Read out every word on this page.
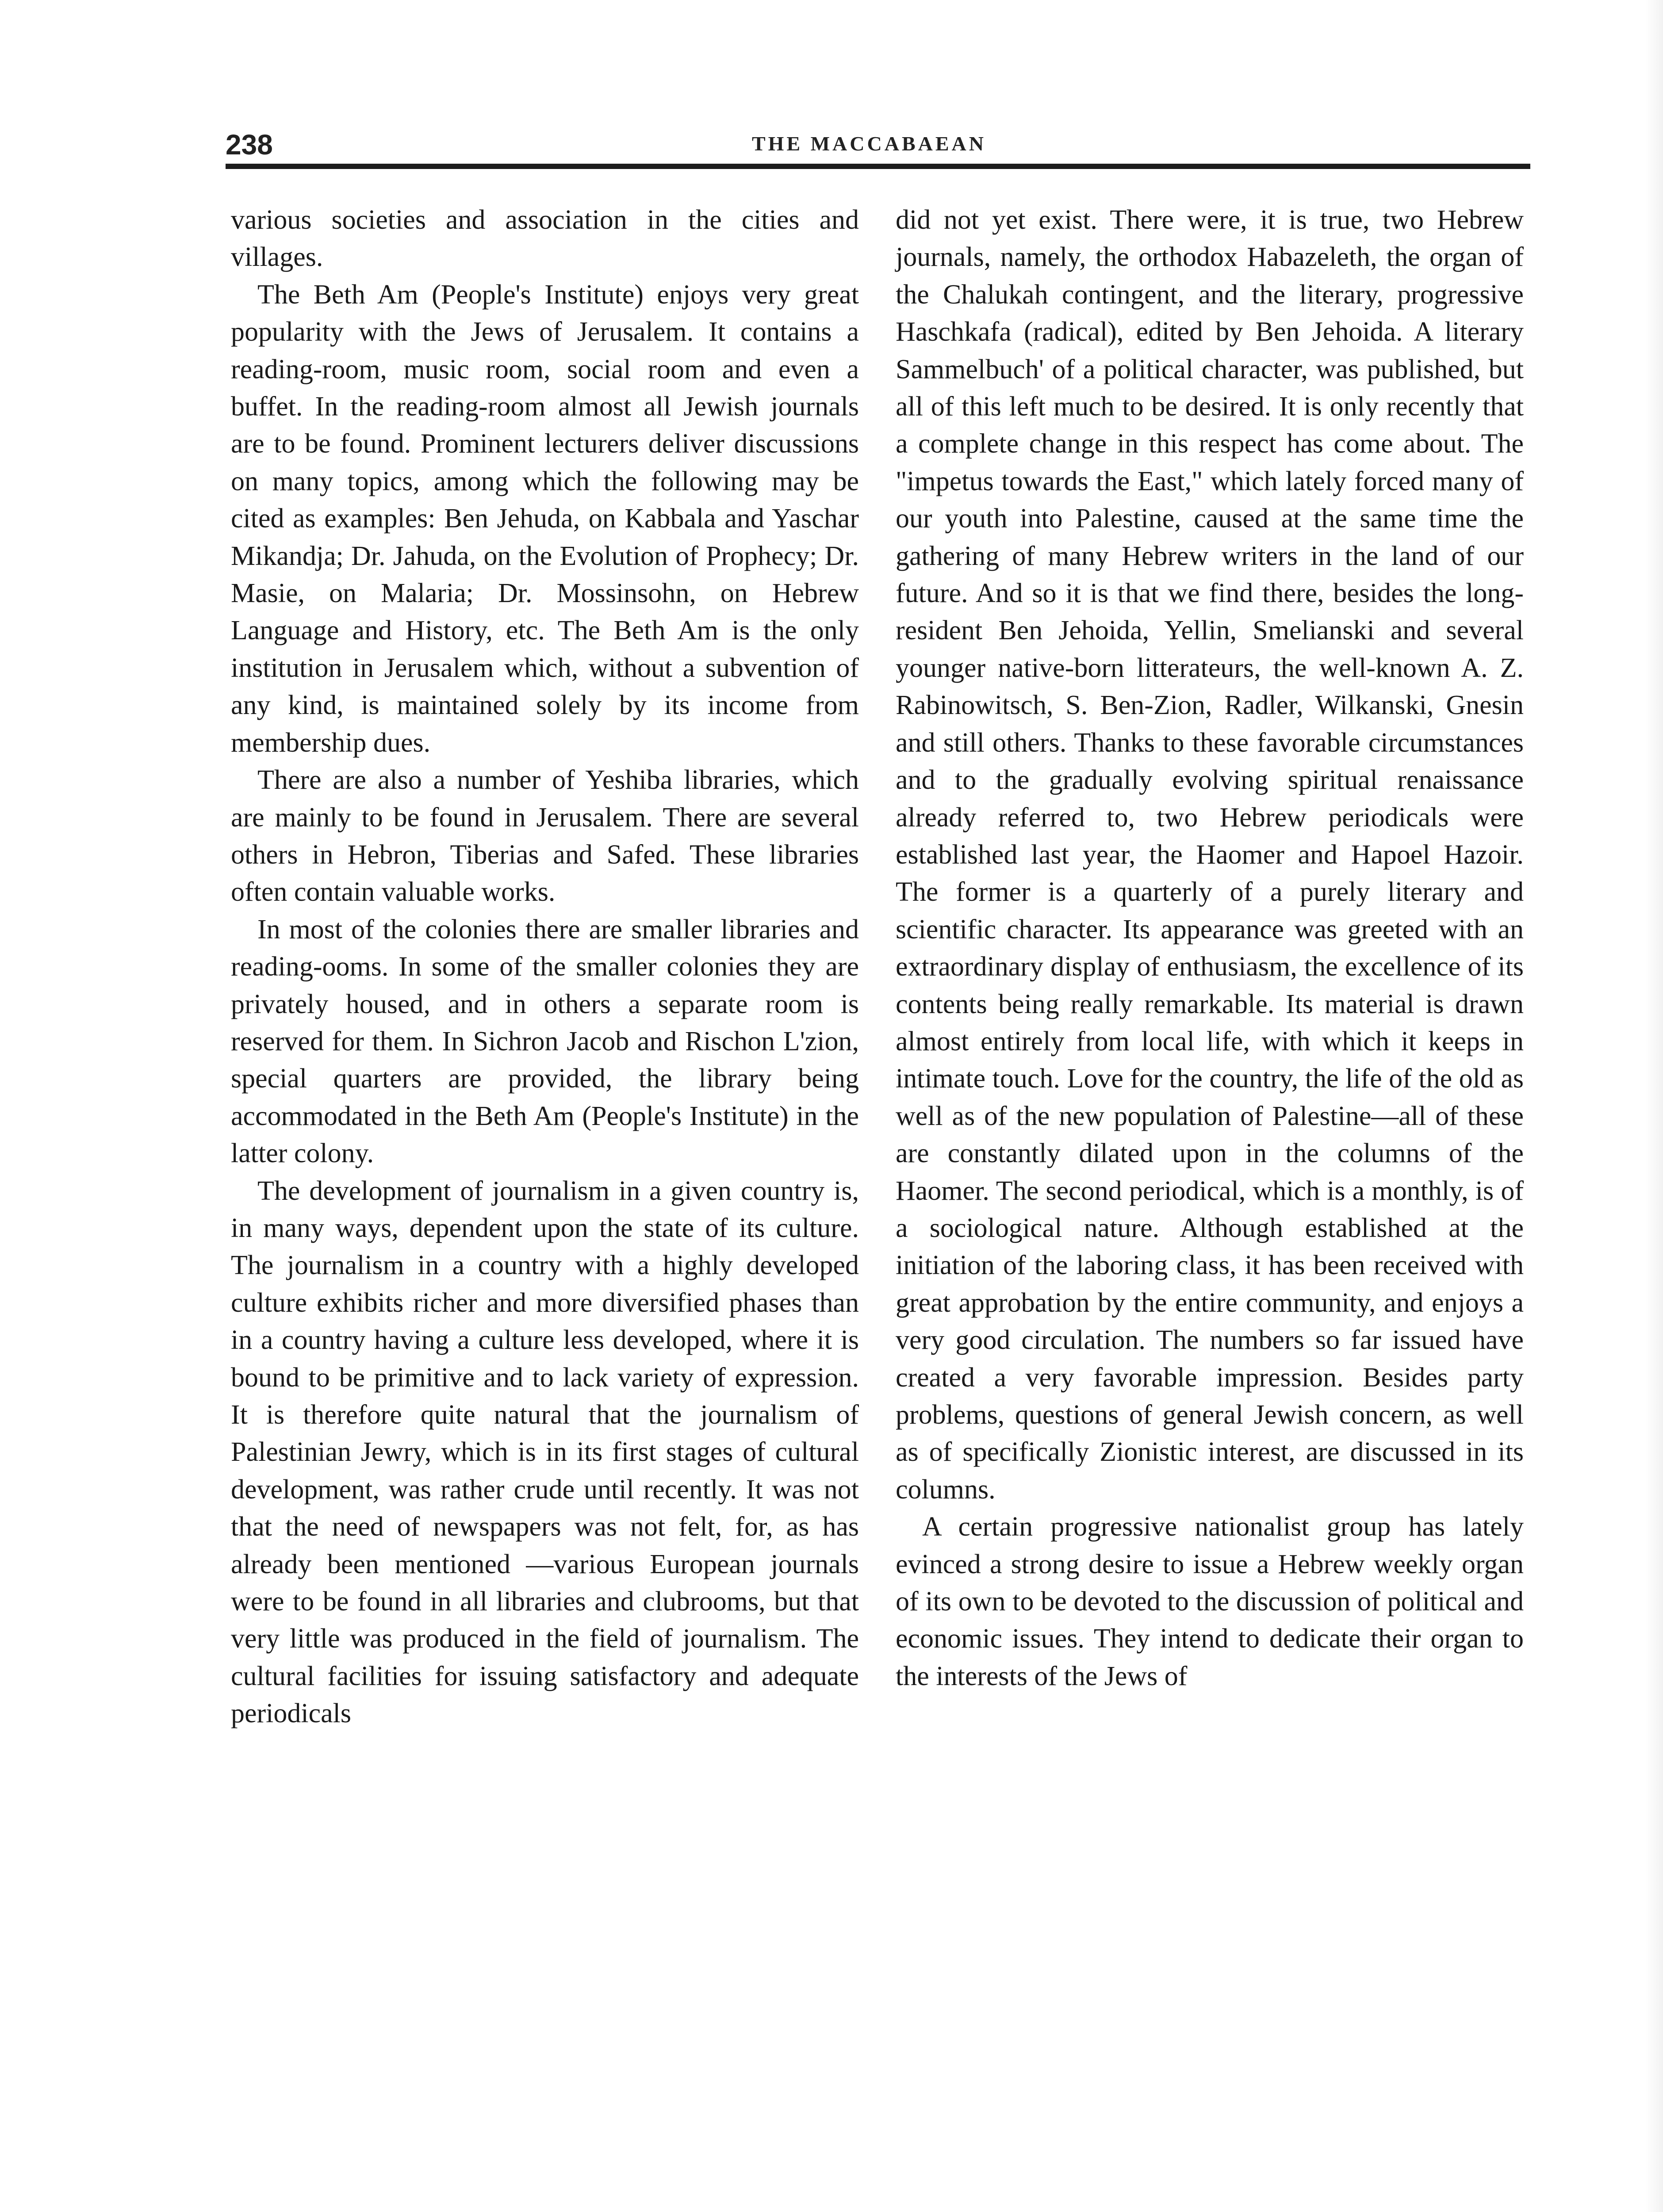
238	THE MACCABAEAN

various societies and association in the cities and villages.

The Beth Am (People's Institute) enjoys very great popularity with the Jews of Jerusalem. It contains a reading-room, music room, social room and even a buffet. In the reading-room almost all Jewish journals are to be found. Prominent lecturers deliver discussions on many topics, among which the following may be cited as examples: Ben Jehuda, on Kabbala and Yaschar Mikandja; Dr. Jahuda, on the Evolution of Prophecy; Dr. Masie, on Malaria; Dr. Mossinsohn, on Hebrew Language and History, etc. The Beth Am is the only institution in Jerusalem which, without a subvention of any kind, is maintained solely by its income from membership dues.

There are also a number of Yeshiba libraries, which are mainly to be found in Jerusalem. There are several others in Hebron, Tiberias and Safed. These libraries often contain valuable works.

In most of the colonies there are smaller libraries and reading-ooms. In some of the smaller colonies they are privately housed, and in others a separate room is reserved for them. In Sichron Jacob and Rischon L'zion, special quarters are provided, the library being accommodated in the Beth Am (People's Institute) in the latter colony.

The development of journalism in a given country is, in many ways, dependent upon the state of its culture. The journalism in a country with a highly developed culture exhibits richer and more diversified phases than in a country having a culture less developed, where it is bound to be primitive and to lack variety of expression. It is therefore quite natural that the journalism of Palestinian Jewry, which is in its first stages of cultural development, was rather crude until recently. It was not that the need of newspapers was not felt, for, as has already been mentioned —various European journals were to be found in all libraries and clubrooms, but that very little was produced in the field of journalism. The cultural facilities for issuing satisfactory and adequate periodicals

did not yet exist. There were, it is true, two Hebrew journals, namely, the orthodox Habazeleth, the organ of the Chalukah contingent, and the literary, progressive Haschkafa (radical), edited by Ben Jehoida. A literary Sammelbuch' of a political character, was published, but all of this left much to be desired. It is only recently that a complete change in this respect has come about. The "impetus towards the East," which lately forced many of our youth into Palestine, caused at the same time the gathering of many Hebrew writers in the land of our future. And so it is that we find there, besides the long-resident Ben Jehoida, Yellin, Smelianski and several younger native-born litterateurs, the well-known A. Z. Rabinowitsch, S. Ben-Zion, Radler, Wilkanski, Gnesin and still others. Thanks to these favorable circumstances and to the gradually evolving spiritual renaissance already referred to, two Hebrew periodicals were established last year, the Haomer and Hapoel Hazoir. The former is a quarterly of a purely literary and scientific character. Its appearance was greeted with an extraordinary display of enthusiasm, the excellence of its contents being really remarkable. Its material is drawn almost entirely from local life, with which it keeps in intimate touch. Love for the country, the life of the old as well as of the new population of Palestine—all of these are constantly dilated upon in the columns of the Haomer. The second periodical, which is a monthly, is of a sociological nature. Although established at the initiation of the laboring class, it has been received with great approbation by the entire community, and enjoys a very good circulation. The numbers so far issued have created a very favorable impression. Besides party problems, questions of general Jewish concern, as well as of specifically Zionistic interest, are discussed in its columns.

A certain progressive nationalist group has lately evinced a strong desire to issue a Hebrew weekly organ of its own to be devoted to the discussion of political and economic issues. They intend to dedicate their organ to the interests of the Jews of
